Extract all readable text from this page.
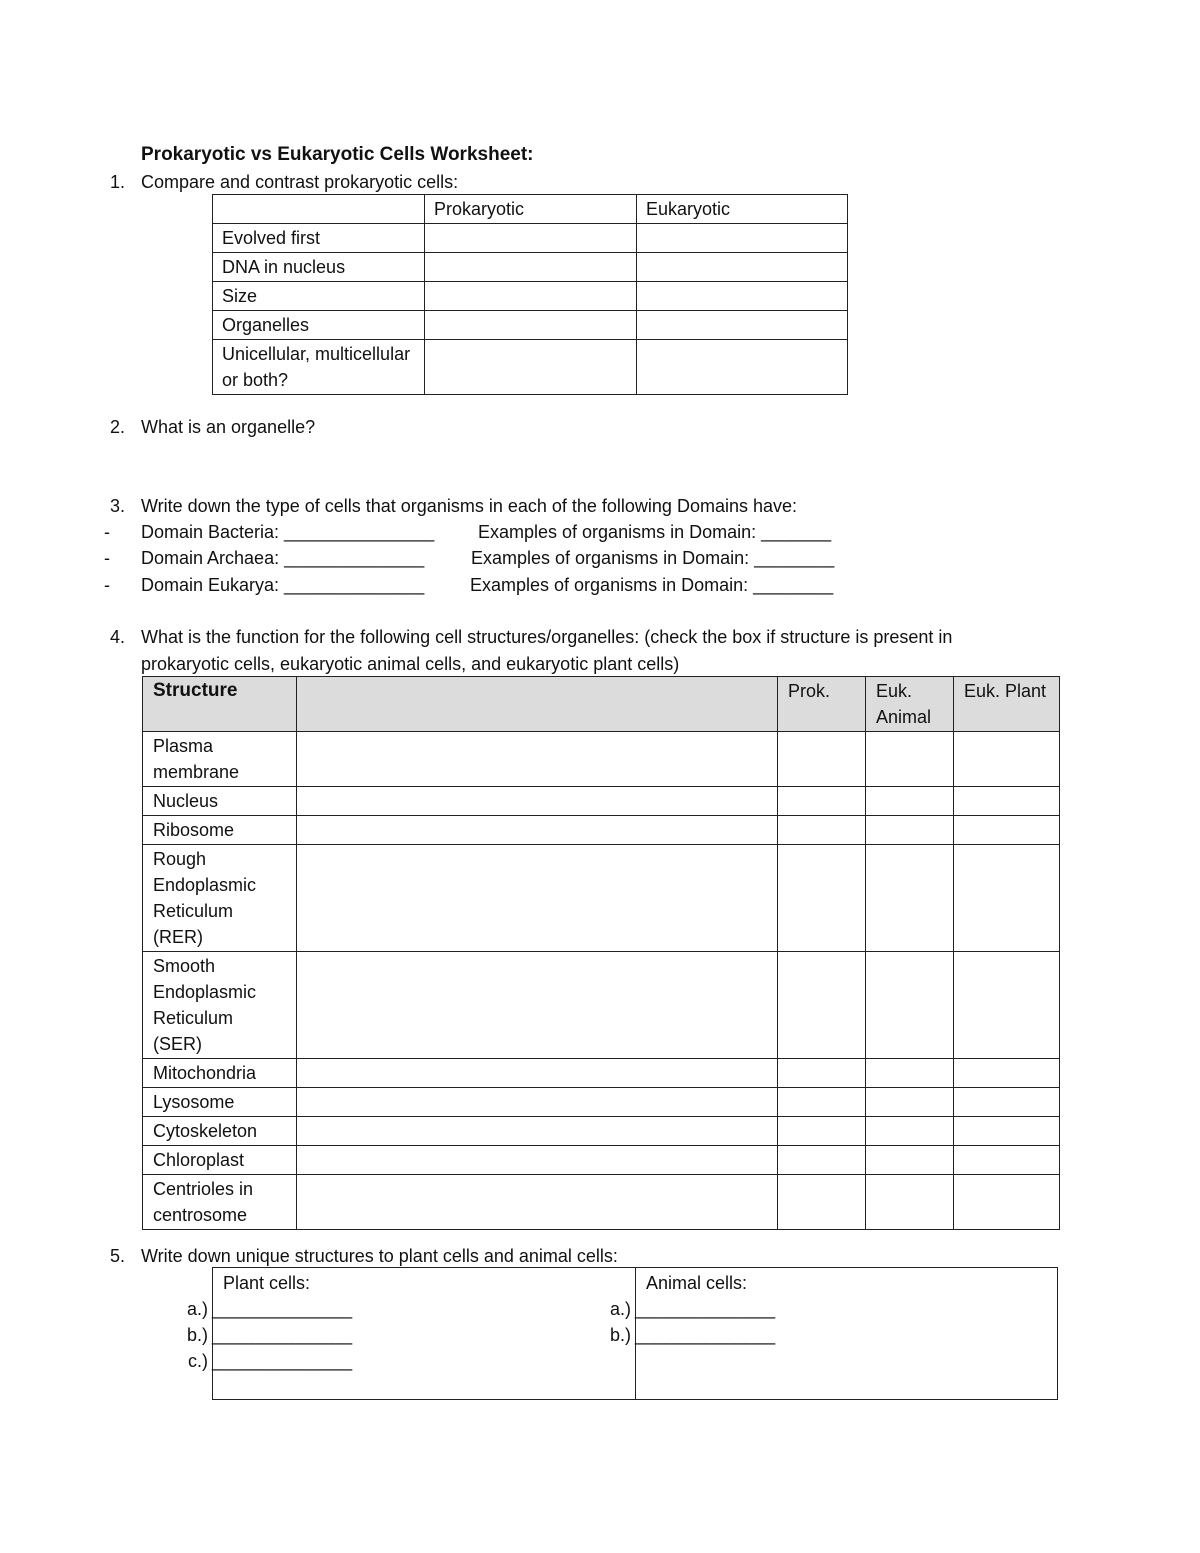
Prokaryotic vs Eukaryotic Cells Worksheet:
1. Compare and contrast prokaryotic cells:
	Prokaryotic	Eukaryotic
Evolved first		
DNA in nucleus		
Size		
Organelles		
Unicellular, multicellular or both?		
2. What is an organelle?
3. Write down the type of cells that organisms in each of the following Domains have:
- Domain Bacteria: _______________ Examples of organisms in Domain: _______
- Domain Archaea: ______________	Examples of organisms in Domain: ________
- Domain Eukarya: ______________	Examples of organisms in Domain: ________
4. What is the function for the following cell structures/organelles: (check the box if structure is present in
prokaryotic cells, eukaryotic animal cells, and eukaryotic plant cells)
Structure		Prok.	Euk. Animal	Euk. Plant
Plasma membrane				
Nucleus				
Ribosome				
Rough Endoplasmic Reticulum (RER)				
Smooth Endoplasmic Reticulum (SER)				
Mitochondria				
Lysosome				
Cytoskeleton				
Chloroplast				
Centrioles in centrosome				
5. Write down unique structures to plant cells and animal cells:
Plant cells:	Animal cells:
a.) ______________
b.) ______________
c.) ______________
a.) ______________
b.) ______________
